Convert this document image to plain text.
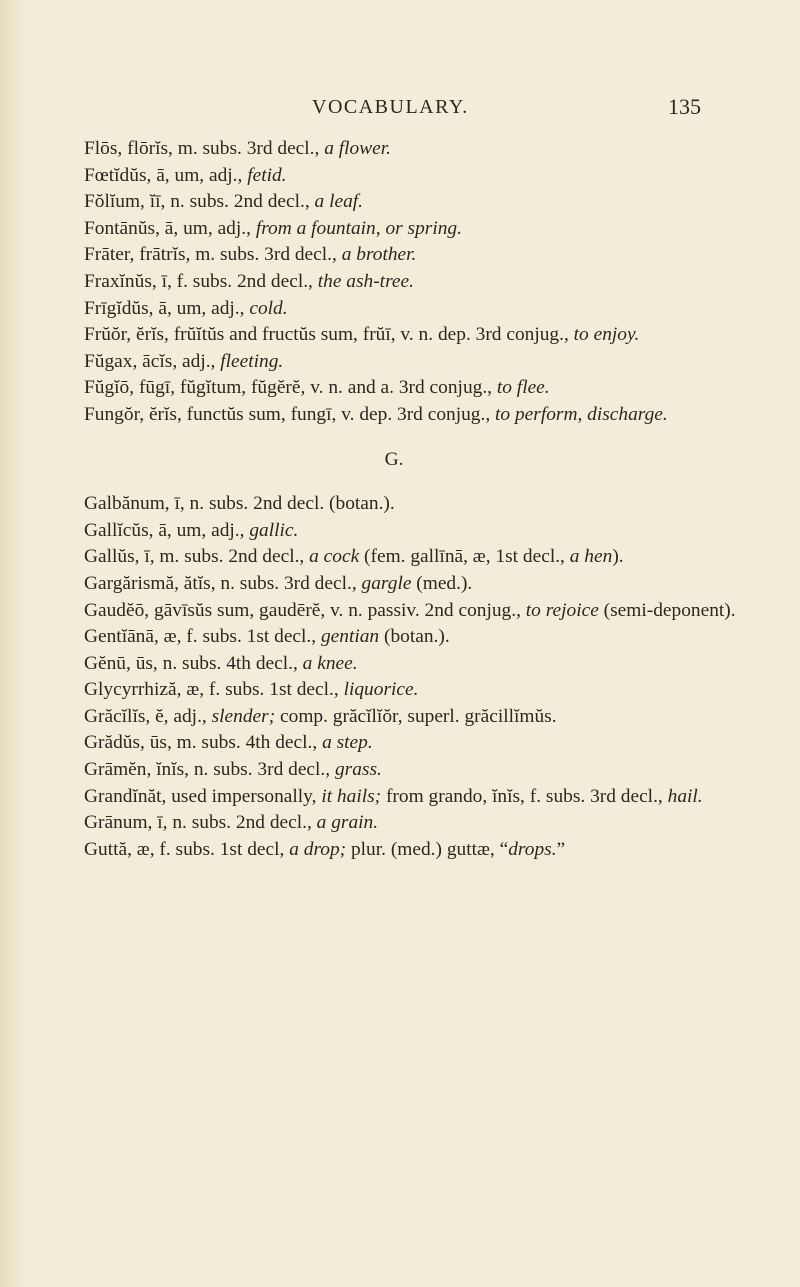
VOCABULARY.	135
Flōs, flōrĭs, m. subs. 3rd decl., a flower.
Fœtĭdŭs, ā, um, adj., fetid.
Fŏlĭum, ĭī, n. subs. 2nd decl., a leaf.
Fontānŭs, ā, um, adj., from a fountain, or spring.
Frāter, frātrĭs, m. subs. 3rd decl., a brother.
Fraxĭnŭs, ī, f. subs. 2nd decl., the ash-tree.
Frīgĭdŭs, ā, um, adj., cold.
Frŭŏr, ĕrĭs, frŭĭtŭs and fructŭs sum, frŭī, v. n. dep. 3rd conjug., to enjoy.
Fŭgax, ācĭs, adj., fleeting.
Fŭgĭō, fūgī, fŭgĭtum, fŭgĕrĕ, v. n. and a. 3rd conjug., to flee.
Fungŏr, ĕrĭs, functŭs sum, fungī, v. dep. 3rd conjug., to perform, discharge.
G.
Galbănum, ī, n. subs. 2nd decl. (botan.).
Gallĭcŭs, ā, um, adj., gallic.
Gallŭs, ī, m. subs. 2nd decl., a cock (fem. gallīnā, æ, 1st decl., a hen).
Gargărismă, ătĭs, n. subs. 3rd decl., gargle (med.).
Gaudĕō, gāvīsŭs sum, gaudērĕ, v. n. passiv. 2nd conjug., to rejoice (semi-deponent).
Gentĭānā, æ, f. subs. 1st decl., gentian (botan.).
Gĕnū, ūs, n. subs. 4th decl., a knee.
Glycyrrhiză, æ, f. subs. 1st decl., liquorice.
Grăcĭlĭs, ĕ, adj., slender; comp. grăcĭlĭŏr, superl. grăcillĭmŭs.
Grădŭs, ūs, m. subs. 4th decl., a step.
Grāmĕn, ĭnĭs, n. subs. 3rd decl., grass.
Grandĭnăt, used impersonally, it hails; from grando, ĭnĭs, f. subs. 3rd decl., hail.
Grānum, ī, n. subs. 2nd decl., a grain.
Guttă, æ, f. subs. 1st decl, a drop; plur. (med.) guttæ, “drops.”
